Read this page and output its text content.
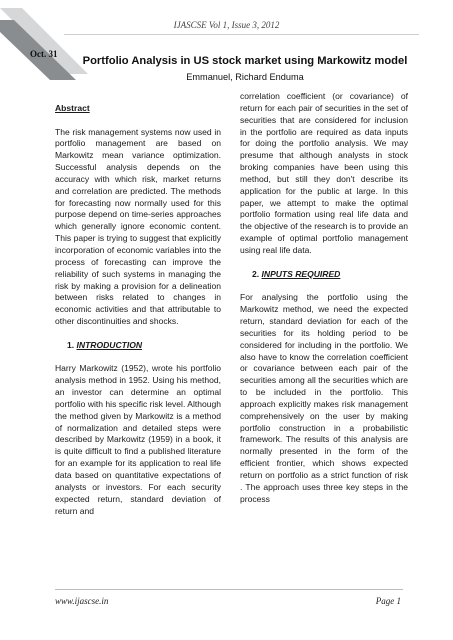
Oct. 31
IJASCSE Vol 1, Issue 3, 2012
Portfolio Analysis in US stock market using Markowitz model
Emmanuel, Richard Enduma

Abstract

The risk management systems now used in portfolio management are based on Markowitz mean variance optimization. Successful analysis depends on the accuracy with which risk, market returns and correlation are predicted. The methods for forecasting now normally used for this purpose depend on time-series approaches which generally ignore economic content. This paper is trying to suggest that explicitly incorporation of economic variables into the process of forecasting can improve the reliability of such systems in managing the risk by making a provision for a delineation between risks related to changes in economic activities and that attributable to other discontinuities and shocks.

1. INTRODUCTION

Harry Markowitz (1952), wrote his portfolio analysis method in 1952. Using his method, an investor can determine an optimal portfolio with his specific risk level. Although the method given by Markowitz is a method of normalization and detailed steps were described by Markowitz (1959) in a book, it is quite difficult to find a published literature for an example for its application to real life data based on quantitative expectations of analysts or investors. For each security expected return, standard deviation of return and

correlation coefficient (or covariance) of return for each pair of securities in the set of securities that are considered for inclusion in the portfolio are required as data inputs for doing the portfolio analysis. We may presume that although analysts in stock broking companies have been using this method, but still they don't describe its application for the public at large. In this paper, we attempt to make the optimal portfolio formation using real life data and the objective of the research is to provide an example of optimal portfolio management using real life data.

2. INPUTS REQUIRED

For analysing the portfolio using the Markowitz method, we need the expected return, standard deviation for each of the securities for its holding period to be considered for including in the portfolio. We also have to know the correlation coefficient or covariance between each pair of the securities among all the securities which are to be included in the portfolio. This approach explicitly makes risk management comprehensively on the user by making portfolio construction in a probabilistic framework. The results of this analysis are normally presented in the form of the efficient frontier, which shows expected return on portfolio as a strict function of risk . The approach uses three key steps in the process

www.ijascse.in	Page 1
